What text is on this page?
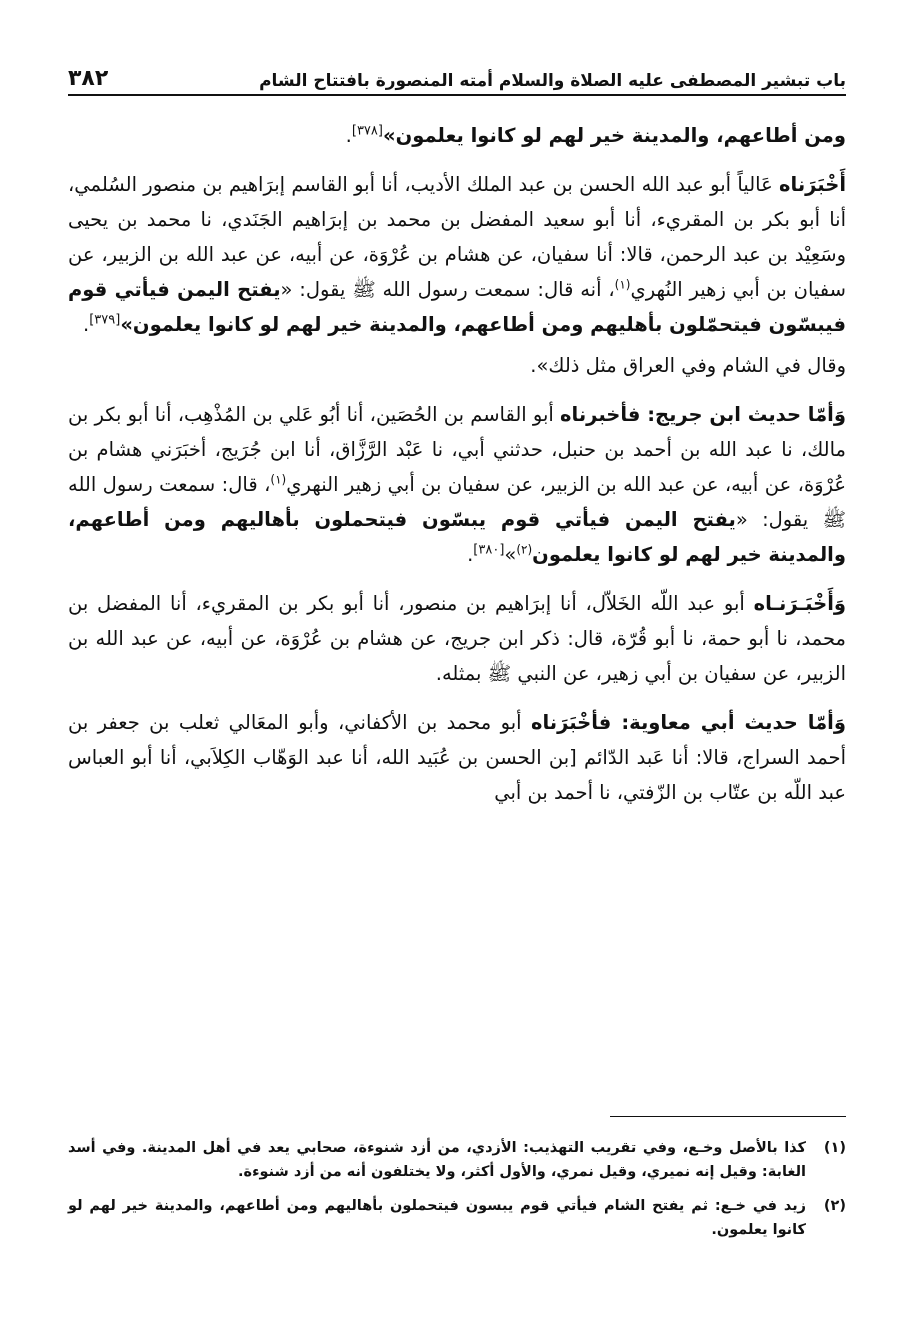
باب تبشير المصطفى عليه الصلاة والسلام أمته المنصورة بافتتاح الشام
٣٨٢

ومن أطاعهم، والمدينة خير لهم لو كانوا يعلمون»[٣٧٨].

أَخْبَرَناه عَالياً أبو عبد الله الحسن بن عبد الملك الأديب، أنا أبو القاسم إبرَاهيم بن منصور السُلمي، أنا أبو بكر بن المقريء، أنا أبو سعيد المفضل بن محمد بن إبرَاهيم الجَنَدي، نا محمد بن يحيى وسَعِيْد بن عبد الرحمن، قالا: أنا سفيان، عن هشام بن عُرْوَة، عن أبيه، عن عبد الله بن الزبير، عن سفيان بن أبي زهير النُهري$^{(١)}$، أنه قال: سمعت رسول الله ﷺ يقول: «يفتح اليمن فيأتي قوم فيبسّون فيتحمّلون بأهليهم ومن أطاعهم، والمدينة خير لهم لو كانوا يعلمون»[٣٧٩].

وقال في الشام وفي العراق مثل ذلك».

وَأمّا حديث ابن جريج: فأخبرناه أبو القاسم بن الحُصَين، أنا أبُو عَلي بن المُذْهِب، أنا أبو بكر بن مالك، نا عبد الله بن أحمد بن حنبل، حدثني أبي، نا عَبْد الرَّزَّاق، أنا ابن جُرَيج، أخبَرَني هشام بن عُرْوَة، عن أبيه، عن عبد الله بن الزبير، عن سفيان بن أبي زهير النهري$^{(١)}$، قال: سمعت رسول الله ﷺ يقول: «يفتح اليمن فيأتي قوم يبسّون فيتحملون بأهاليهم ومن أطاعهم، والمدينة خير لهم لو كانوا يعلمون$^{(٢)}$»[٣٨٠].

وَأَخْبَـرَنـاه أبو عبد اللّه الخَلاّل، أنا إبرَاهيم بن منصور، أنا أبو بكر بن المقريء، أنا المفضل بن محمد، نا أبو حمة، نا أبو قُرّة، قال: ذكر ابن جريج، عن هشام بن عُرْوَة، عن أبيه، عن عبد الله بن الزبير، عن سفيان بن أبي زهير، عن النبي ﷺ بمثله.

وَأمّا حديث أبي معاوية: فأخْبَرَناه أبو محمد بن الأكفاني، وأبو المعَالي ثعلب بن جعفر بن أحمد السراج، قالا: أنا عَبد الدّائم [بن الحسن بن عُبَيد الله، أنا عبد الوَهّاب الكِلاَبي، أنا أبو العباس عبد اللّه بن عتّاب بن الزّفتي، نا أحمد بن أبي

(١)
كذا بالأصل وخـع، وفي تقريب التهذيب: الأزدي، من أزد شنوءة، صحابي يعد في أهل المدينة. وفي أسد الغابة: وقيل إنه نميري، وقيل نمري، والأول أكثر، ولا يختلفون أنه من أزد شنوءة.
(٢)
زيد في خـع: ثم يفتح الشام فيأتي قوم يبسون فيتحملون بأهاليهم ومن أطاعهم، والمدينة خير لهم لو كانوا يعلمون.
